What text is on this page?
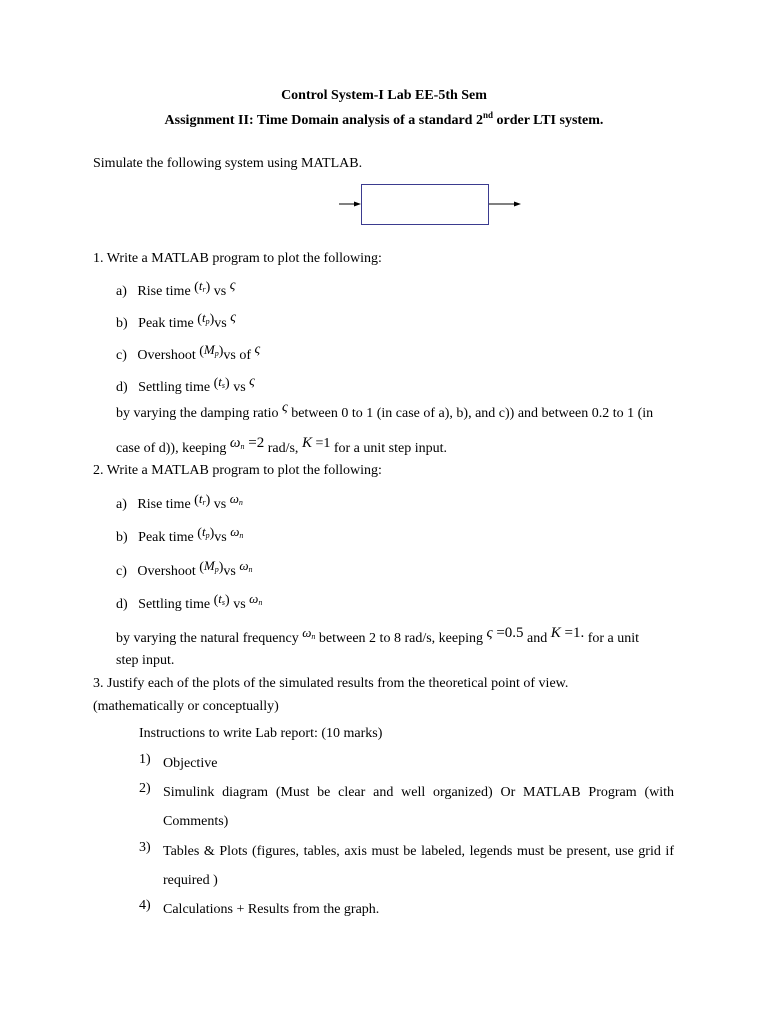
Control System-I Lab EE-5th Sem
Assignment II: Time Domain analysis of a standard 2nd order LTI system.
Simulate the following system using MATLAB.
1. Write a MATLAB program to plot the following:
a) Rise time $(t^r)$ vs ς
b) Peak time $(t^p)vs$ ς
c) Overshoot $(M^p)vs$ of ς
d) Settling time $(t^s)$ vs ς
by varying the damping ratio ς between 0 to 1 (in case of a), b), and c)) and between 0.2 to 1 (in
case of d)), keeping $\omega^n =2$ rad/s, K =1 for a unit step input.
2. Write a MATLAB program to plot the following:
a) Rise time $(t^r)$ vs $\omega^n$
b) Peak time $(t^p)vs$ $\omega^n$
c) Overshoot $(M^p)vs$ $\omega^n$
d) Settling time $(t^s)$ vs $\omega^n$
by varying the natural frequency $\omega^n$ between 2 to 8 rad/s, keeping ς =0.5 and K =1. for a unit
step input.
3. Justify each of the plots of the simulated results from the theoretical point of view.
(mathematically or conceptually)
Instructions to write Lab report: (10 marks)
1) Objective
2) Simulink diagram (Must be clear and well organized) Or MATLAB Program (with
Comments)
3) Tables & Plots (figures, tables, axis must be labeled, legends must be present, use grid if
required )
4) Calculations + Results from the graph.
